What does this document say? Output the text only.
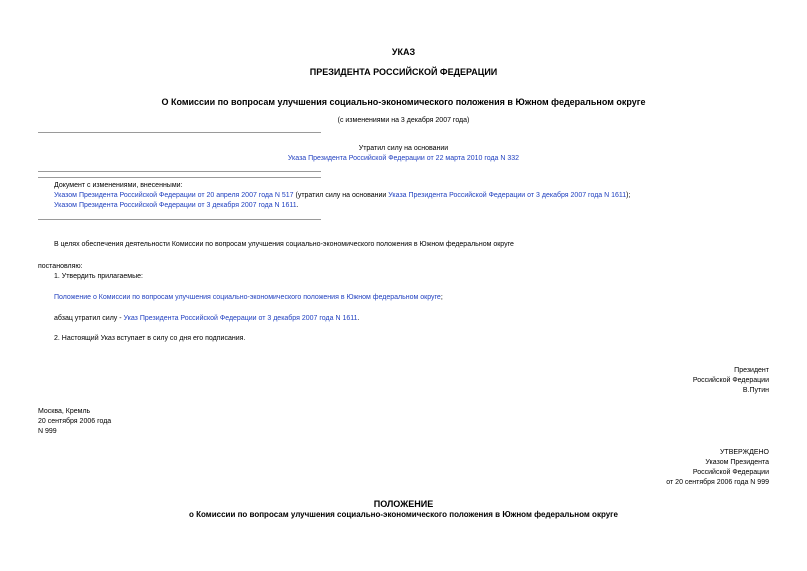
УКАЗ
ПРЕЗИДЕНТА РОССИЙСКОЙ ФЕДЕРАЦИИ
О Комиссии по вопросам улучшения социально-экономического положения в Южном федеральном округе
(с изменениями на 3 декабря 2007 года)
Утратил силу на основании
Указа Президента Российской Федерации от 22 марта 2010 года N 332
Документ с изменениями, внесенными:
Указом Президента Российской Федерации от 20 апреля 2007 года N 517 (утратил силу на основании Указа Президента Российской Федерации от 3 декабря 2007 года N 1611);
Указом Президента Российской Федерации от 3 декабря 2007 года N 1611.
В целях обеспечения деятельности Комиссии по вопросам улучшения социально-экономического положения в Южном федеральном округе
постановляю:
1. Утвердить прилагаемые:
Положение о Комиссии по вопросам улучшения социально-экономического положения в Южном федеральном округе;
абзац утратил силу - Указ Президента Российской Федерации от 3 декабря 2007 года N 1611.
2. Настоящий Указ вступает в силу со дня его подписания.
Президент
Российской Федерации
В.Путин
Москва, Кремль
20 сентября 2006 года
N 999
УТВЕРЖДЕНО
Указом Президента
Российской Федерации
от 20 сентября 2006 года N 999
ПОЛОЖЕНИЕ
о Комиссии по вопросам улучшения социально-экономического положения в Южном федеральном округе
